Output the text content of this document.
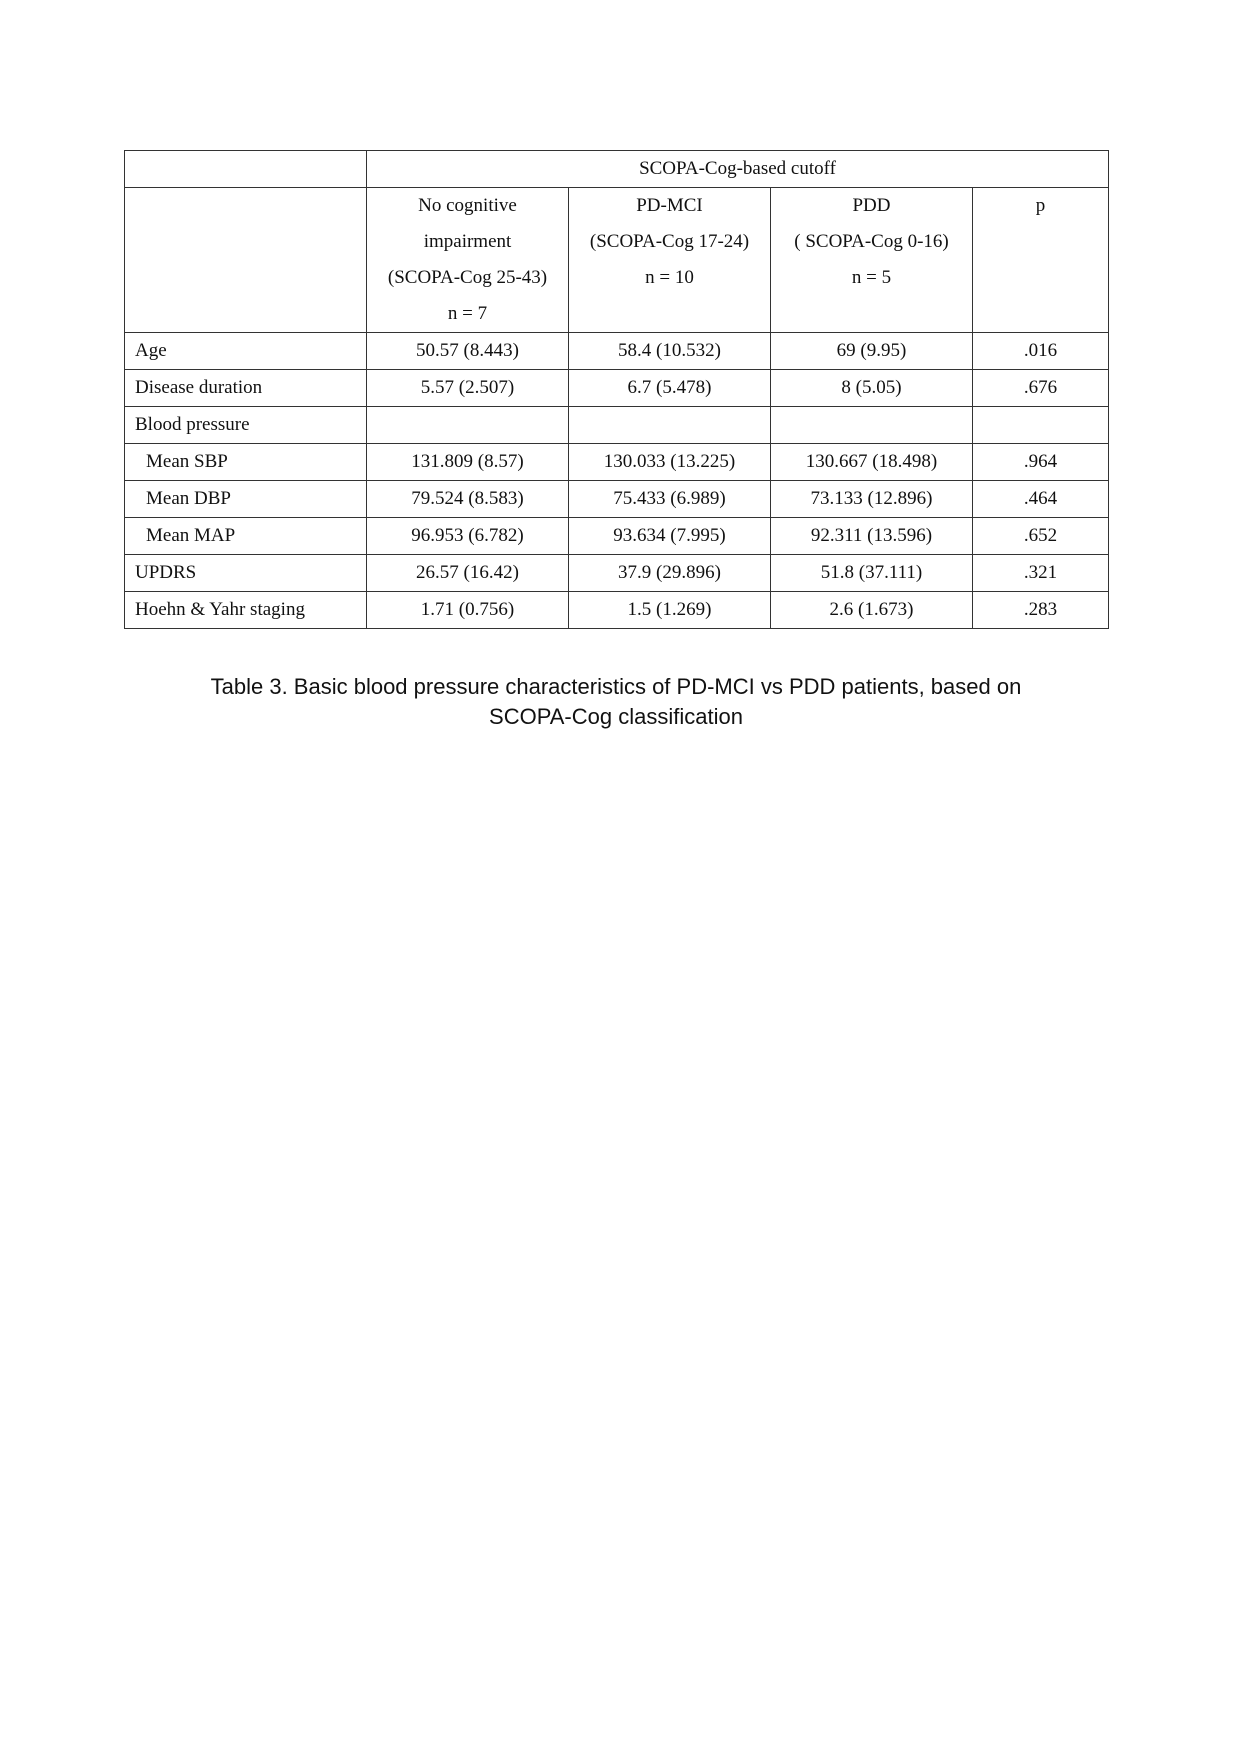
	SCOPA-Cog-based cutoff			

	No cognitive
impairment
(SCOPA-Cog 25-43)
n = 7	PD-MCI
(SCOPA-Cog 17-24)
n = 10	PDD
( SCOPA-Cog 0-16)
n = 5	p

Age	50.57 (8.443)	58.4 (10.532)	69 (9.95)	.016
Disease duration	5.57 (2.507)	6.7 (5.478)	8 (5.05)	.676
Blood pressure				
Mean SBP	131.809 (8.57)	130.033 (13.225)	130.667 (18.498)	.964
Mean DBP	79.524 (8.583)	75.433 (6.989)	73.133 (12.896)	.464
Mean MAP	96.953 (6.782)	93.634 (7.995)	92.311 (13.596)	.652
UPDRS	26.57 (16.42)	37.9 (29.896)	51.8 (37.111)	.321
Hoehn & Yahr staging	1.71 (0.756)	1.5 (1.269)	2.6 (1.673)	.283
Table 3. Basic blood pressure characteristics of PD-MCI vs PDD patients, based on
SCOPA-Cog classification
